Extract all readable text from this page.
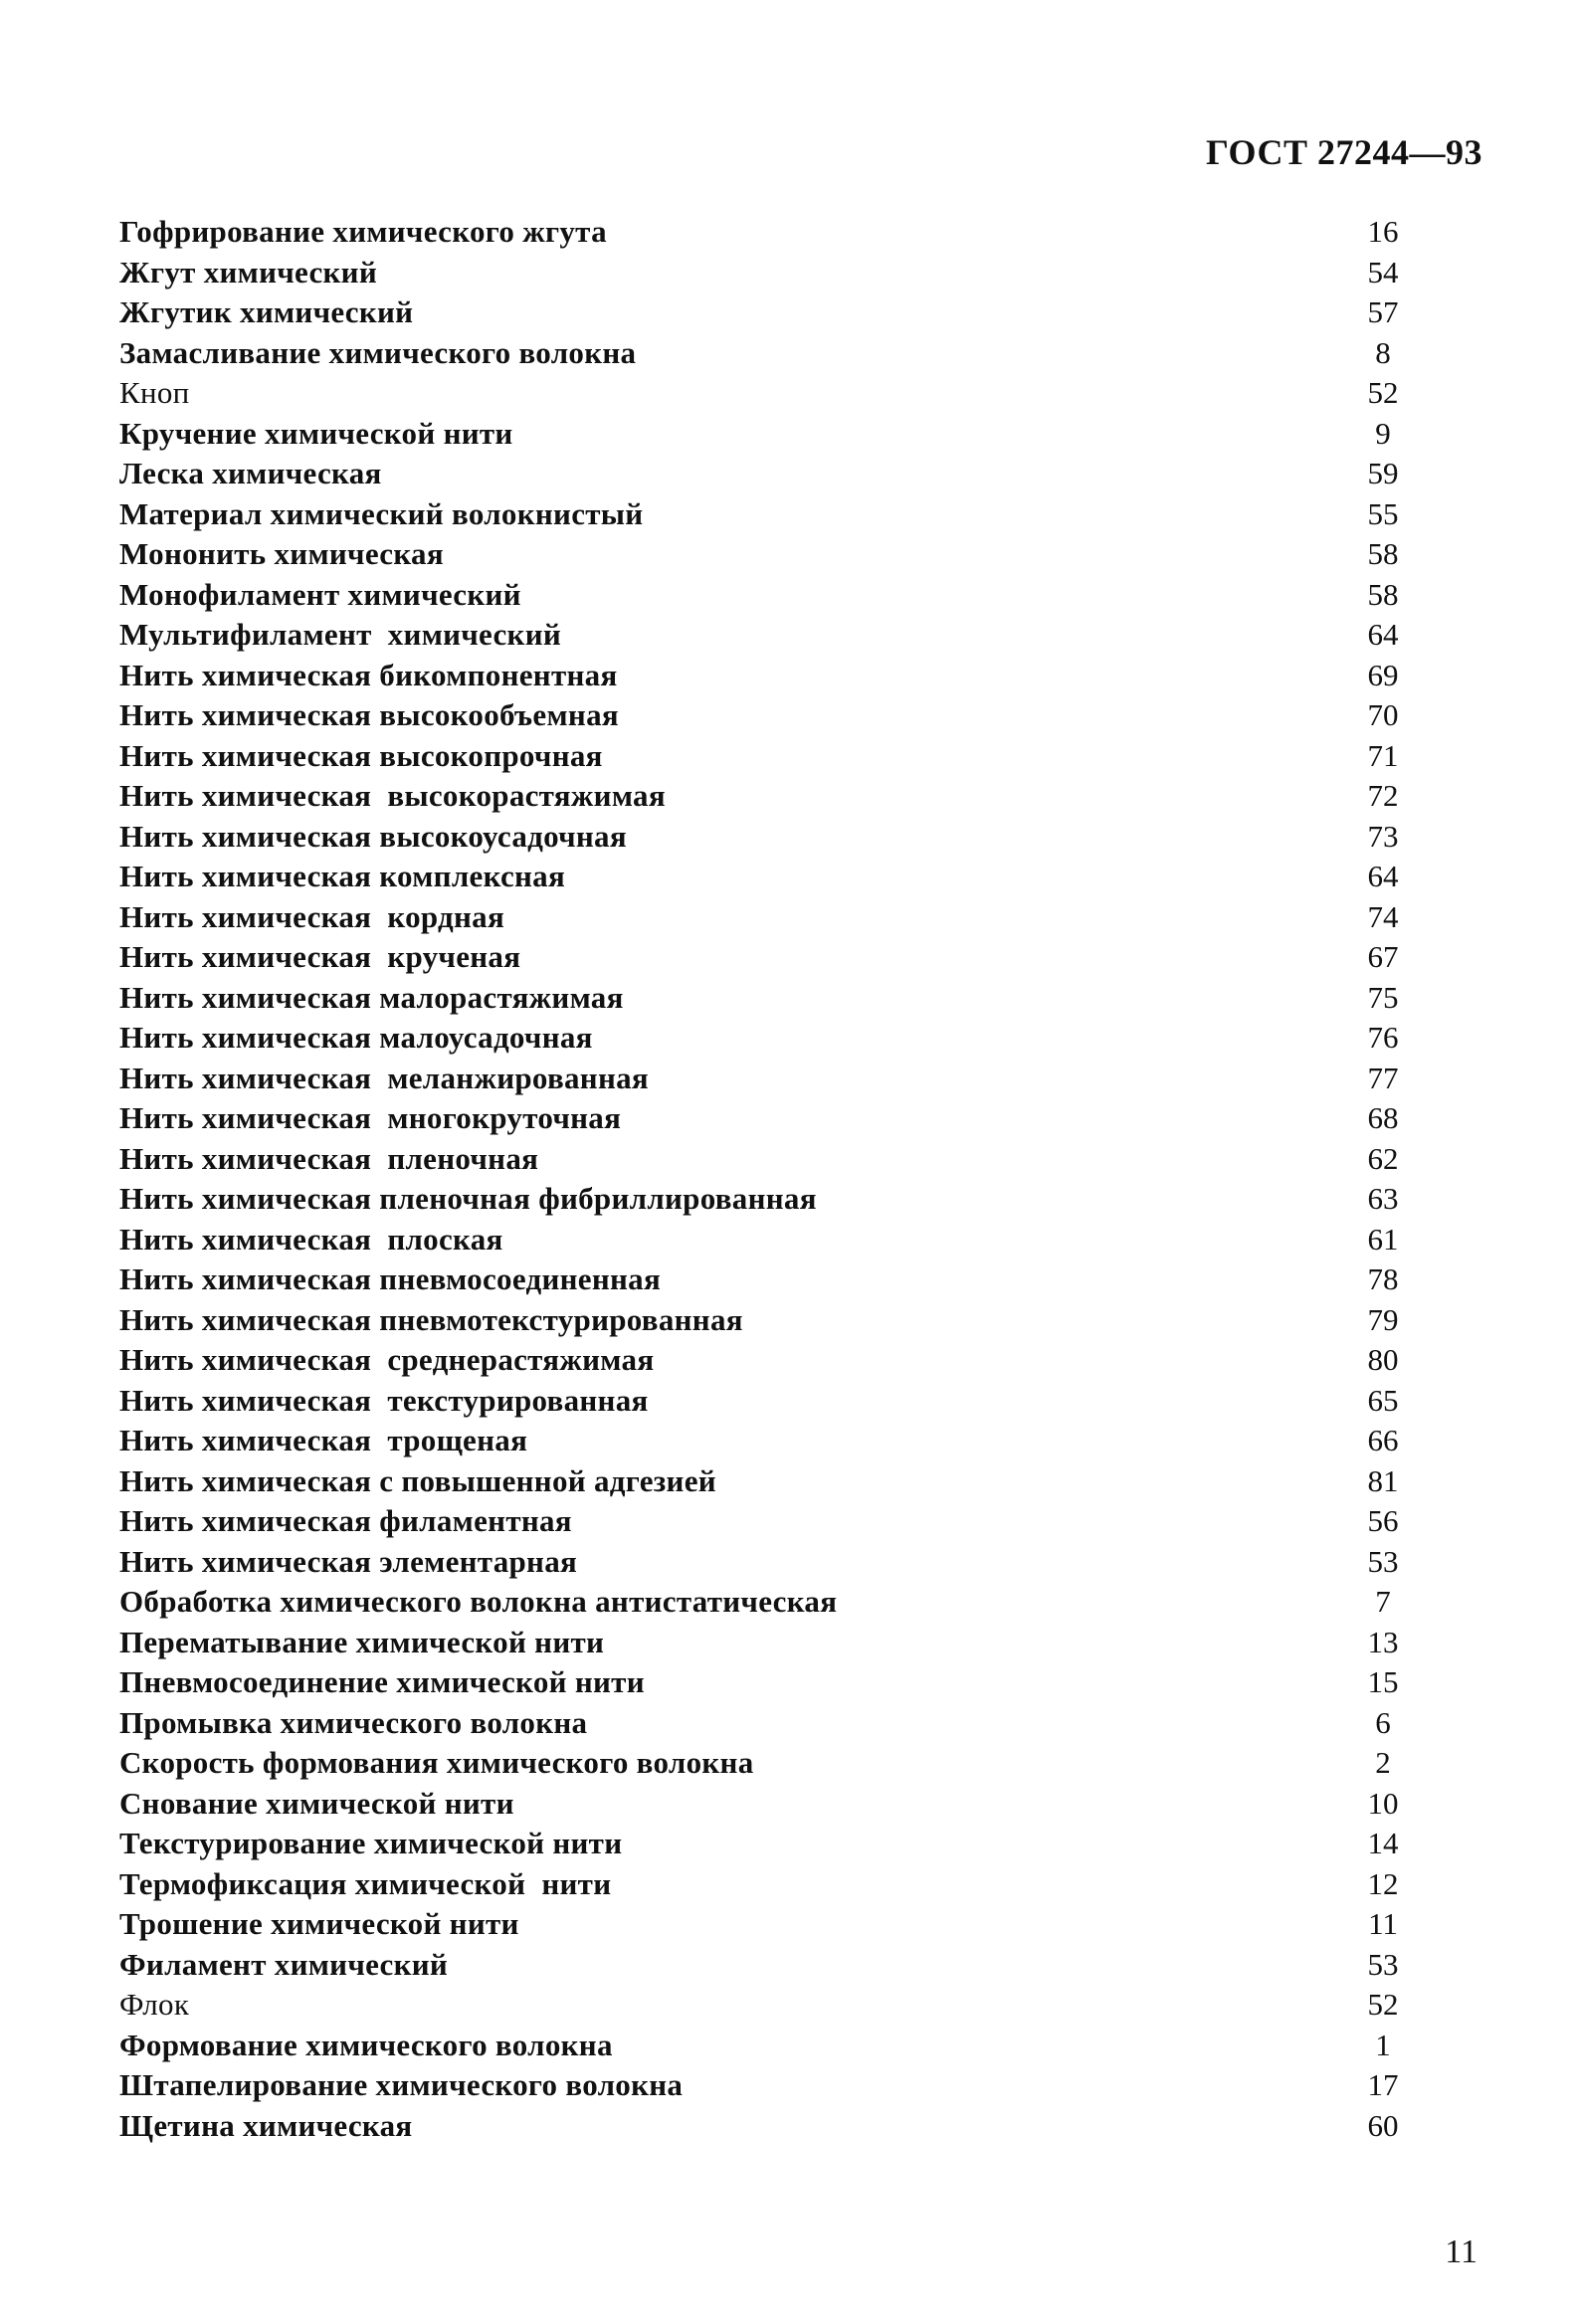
ГОСТ 27244—93
Гофрирование химического жгута	16
Жгут химический	54
Жгутик химический	57
Замасливание химического волокна	8
Кноп	52
Кручение химической нити	9
Леска химическая	59
Материал химический волокнистый	55
Мононить химическая	58
Монофиламент химический	58
Мультифиламент  химический	64
Нить химическая бикомпонентная	69
Нить химическая высокообъемная	70
Нить химическая высокопрочная	71
Нить химическая  высокорастяжимая	72
Нить химическая высокоусадочная	73
Нить химическая комплексная	64
Нить химическая  кордная	74
Нить химическая  крученая	67
Нить химическая малорастяжимая	75
Нить химическая малоусадочная	76
Нить химическая  меланжированная	77
Нить химическая  многокруточная	68
Нить химическая  пленочная	62
Нить химическая пленочная фибриллированная	63
Нить химическая  плоская	61
Нить химическая пневмосоединенная	78
Нить химическая пневмотекстурированная	79
Нить химическая  среднерастяжимая	80
Нить химическая  текстурированная	65
Нить химическая  трощеная	66
Нить химическая с повышенной адгезией	81
Нить химическая филаментная	56
Нить химическая элементарная	53
Обработка химического волокна антистатическая	7
Перематывание химической нити	13
Пневмосоединение химической нити	15
Промывка химического волокна	6
Скорость формования химического волокна	2
Снование химической нити	10
Текстурирование химической нити	14
Термофиксация химической  нити	12
Трошение химической нити	11
Филамент химический	53
Флок	52
Формование химического волокна	1
Штапелирование химического волокна	17
Щетина химическая	60
11
